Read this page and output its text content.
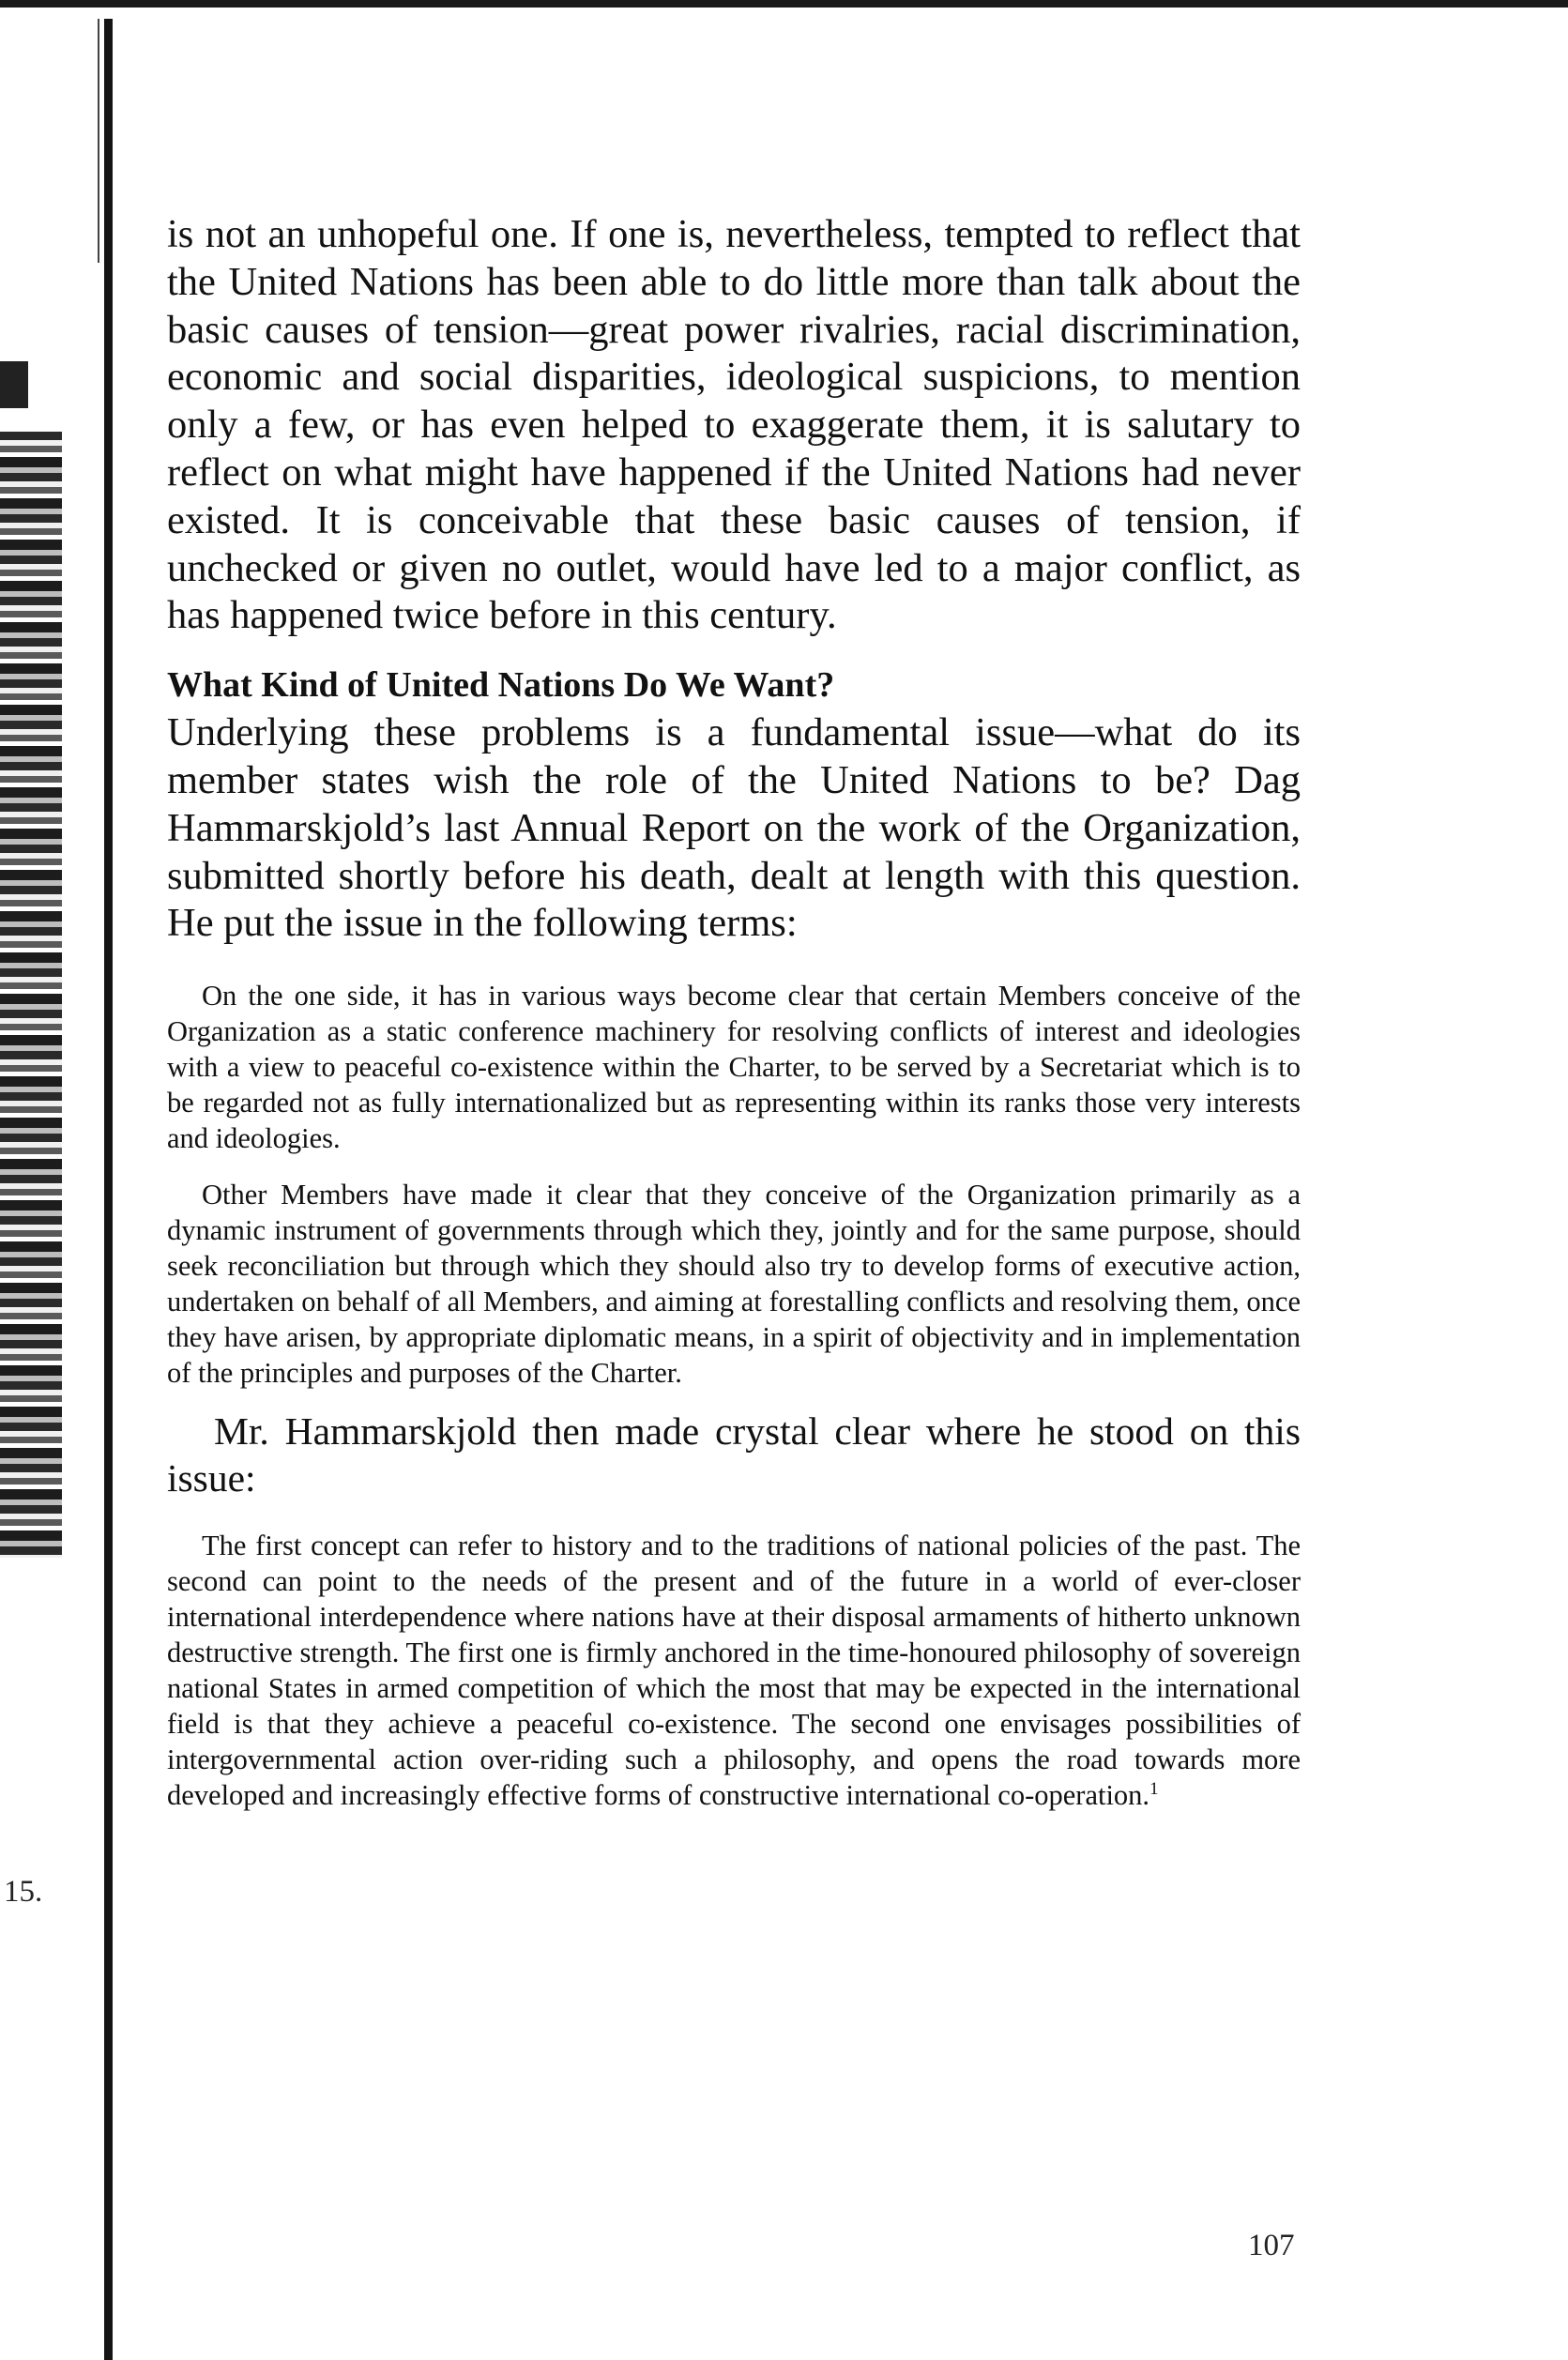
15.

is not an unhopeful one. If one is, nevertheless, tempted to reflect that the United Nations has been able to do little more than talk about the basic causes of tension—great power rivalries, racial discrimination, economic and social disparities, ideological suspicions, to mention only a few, or has even helped to exaggerate them, it is salutary to reflect on what might have happened if the United Nations had never existed. It is conceivable that these basic causes of tension, if unchecked or given no outlet, would have led to a major conflict, as has happened twice before in this century.

What Kind of United Nations Do We Want?

Underlying these problems is a fundamental issue—what do its member states wish the role of the United Nations to be? Dag Hammarskjold’s last Annual Report on the work of the Organization, submitted shortly before his death, dealt at length with this question. He put the issue in the following terms:

On the one side, it has in various ways become clear that certain Members conceive of the Organization as a static conference machinery for resolving conflicts of interest and ideologies with a view to peaceful co-existence within the Charter, to be served by a Secretariat which is to be regarded not as fully internationalized but as representing within its ranks those very interests and ideologies.

Other Members have made it clear that they conceive of the Organization primarily as a dynamic instrument of governments through which they, jointly and for the same purpose, should seek reconciliation but through which they should also try to develop forms of executive action, undertaken on behalf of all Members, and aiming at forestalling conflicts and resolving them, once they have arisen, by appropriate diplomatic means, in a spirit of objectivity and in implementation of the principles and purposes of the Charter.

Mr. Hammarskjold then made crystal clear where he stood on this issue:

The first concept can refer to history and to the traditions of national policies of the past. The second can point to the needs of the present and of the future in a world of ever-closer international interdependence where nations have at their disposal armaments of hitherto unknown destructive strength. The first one is firmly anchored in the time-honoured philosophy of sovereign national States in armed competition of which the most that may be expected in the international field is that they achieve a peaceful co-existence. The second one envisages possibilities of intergovernmental action over-riding such a philosophy, and opens the road towards more developed and increasingly effective forms of constructive international co-operation.$^1$

107
